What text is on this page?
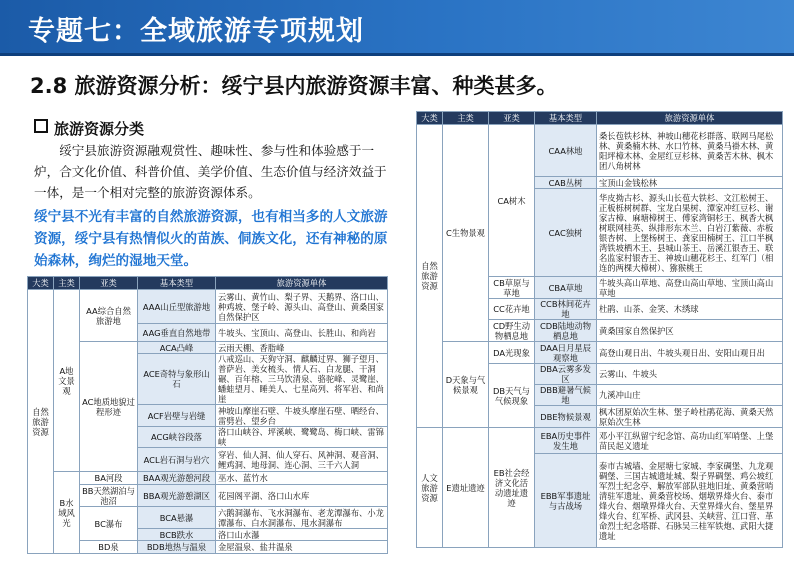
专题七：全域旅游专项规划
2.8 旅游资源分析：绥宁县内旅游资源丰富、种类甚多。
旅游资源分类
绥宁县旅游资源融观赏性、趣味性、参与性和体验感于一炉，合文化价值、科普价值、美学价值、生态价值与经济效益于一体，是一个相对完整的旅游资源体系。
绥宁县不光有丰富的自然旅游资源，也有相当多的人文旅游资源，绥宁县有热情似火的苗族、侗族文化，还有神秘的原始森林，绚烂的湿地天堂。
大类	主类	亚类	基本类型	旅游资源单体
自然旅游资源	A地文景观	AA综合自然旅游地	AAA山丘型旅游地	云雾山、黄竹山、梨子界、天鹅界、洛口山、种鸡坡、堡子岭、源头山、高登山、黄桑国家自然保护区
			AAG垂直自然地带	牛坡头、宝顶山、高登山、长胜山、和尚岩
		AC地质地貌过程形迹	ACA凸峰	云雨天棚、香脂峰
			ACE奇特与象形山石	八戒巡山、天狗守洞、麒麟过界、狮子望月、普萨岩、美女梳头、情人石、白龙腿、干洞碾、百年榕、三马饮清泉、骆驼峰、灵鹭崖、蟠蛙望月、睡美人、七星高列、将军岩、和尚崖
			ACF岩壁与岩缝	神坡山摩崖石壁、牛坡头摩崖石壁、晒经台、雷劈岩、望乡台
			ACG峡谷段落	洛口山峡谷、坪溪峡、鹭鹭岛、梅口峡、雷锦峡
			ACL岩石洞与岩穴	穿岩、仙人洞、仙人穿石、风神洞、观音洞、鲤鸡洞、地母洞、连心洞、三千六人洞
	B水域风光	BA河段	BAA观光游憩河段	巫水、蓝竹水
		BB天然湖泊与池沼	BBA观光游憩湖区	花园阁平湖、洛口山水库
		BC瀑布	BCA悬瀑	六鹅洞瀑布、飞水洞瀑布、老龙潭瀑布、小龙潭瀑布、白水洞瀑布、甩水洞瀑布
			BCB跌水	洛口山水瀑
		BD泉	BDB地热与温泉	金屋温泉、盐井温泉
大类	主类	亚类	基本类型	旅游资源单体
自然旅游资源	C生物景观	CA树木	CAA林地	桑长苞铁杉林、神坡山穗花杉群落、联网马尾松林、黄桑楠木林、水口竹林、黄桑马褂木林、黄阳坪樟木林、金屋红豆杉林、黄桑苦木林、枫木团八角树林
			CAB丛树	宝顶山金钱松林
			CAC独树	华皮拗古杉、源头山长苞大铁杉、文江松树王、正板栎树树群、宝龙白果树、潭家冲红豆杉、谢家古樟、麻塘樟树王、傅家湾铜杉王、枫香大枫树联网桂英、纵排形东木兰、白岩汀紫薇、赤板银杏树、上堡杨树王、龚家田楠树王、江口半枫湾铁坡栖木王、县城山茶王、岳溪江银杏王、联名监家村银杏王、神坡山穗花杉王、红军门（相连的两棵大樟树）、猕猴桃王
		CB草原与草地	CBA草地	牛坡头高山草地、高登山高山草地、宝顶山高山草地
		CC花卉地	CCB林间花卉地	杜鹃、山茶、金笑、木绣球
		CD野生动物栖息地	CDB陆地动物栖息地	黄桑国家自然保护区
	D天象与气候景观	DA光现象	DAA日月星辰观察地	高登山观日出、牛坡头观日出、安阳山观日出
		DB天气与气候现象	DBA云雾多发区	云雾山、牛坡头
			DBB避暑气候地	九溪冲山庄
			DBE物候景观	枫木团原始次生林、堡子岭杜鹃花海、黄桑天然原始次生林
人文旅游资源	E遗址遗迹	EB社会经济文化活动遗址遗迹	EBA历史事件发生地	邓小平江纵留宁纪念馆、高功山红军哨堡、上堡苗民起义遗址
			EBB军事遗址与古战场	泰市古城墙、金屋塘七家城、李家碉堡、九龙观碉堡、三国古城遗址城、梨子界碉堡、鸡公坡红军烈士纪念亭、解放军部队驻地旧址、黄桑营哨清驻军遗址、黄桑营校场、烟墩界烽火台、泰市烽火台、烟墩界烽火台、天堂界烽火台、堡星界烽火台、红军桥、武冈县、关峡营、江口营、革命烈士纪念塔群、石脉吴三桂军铁炮、武阳大捷遗址
